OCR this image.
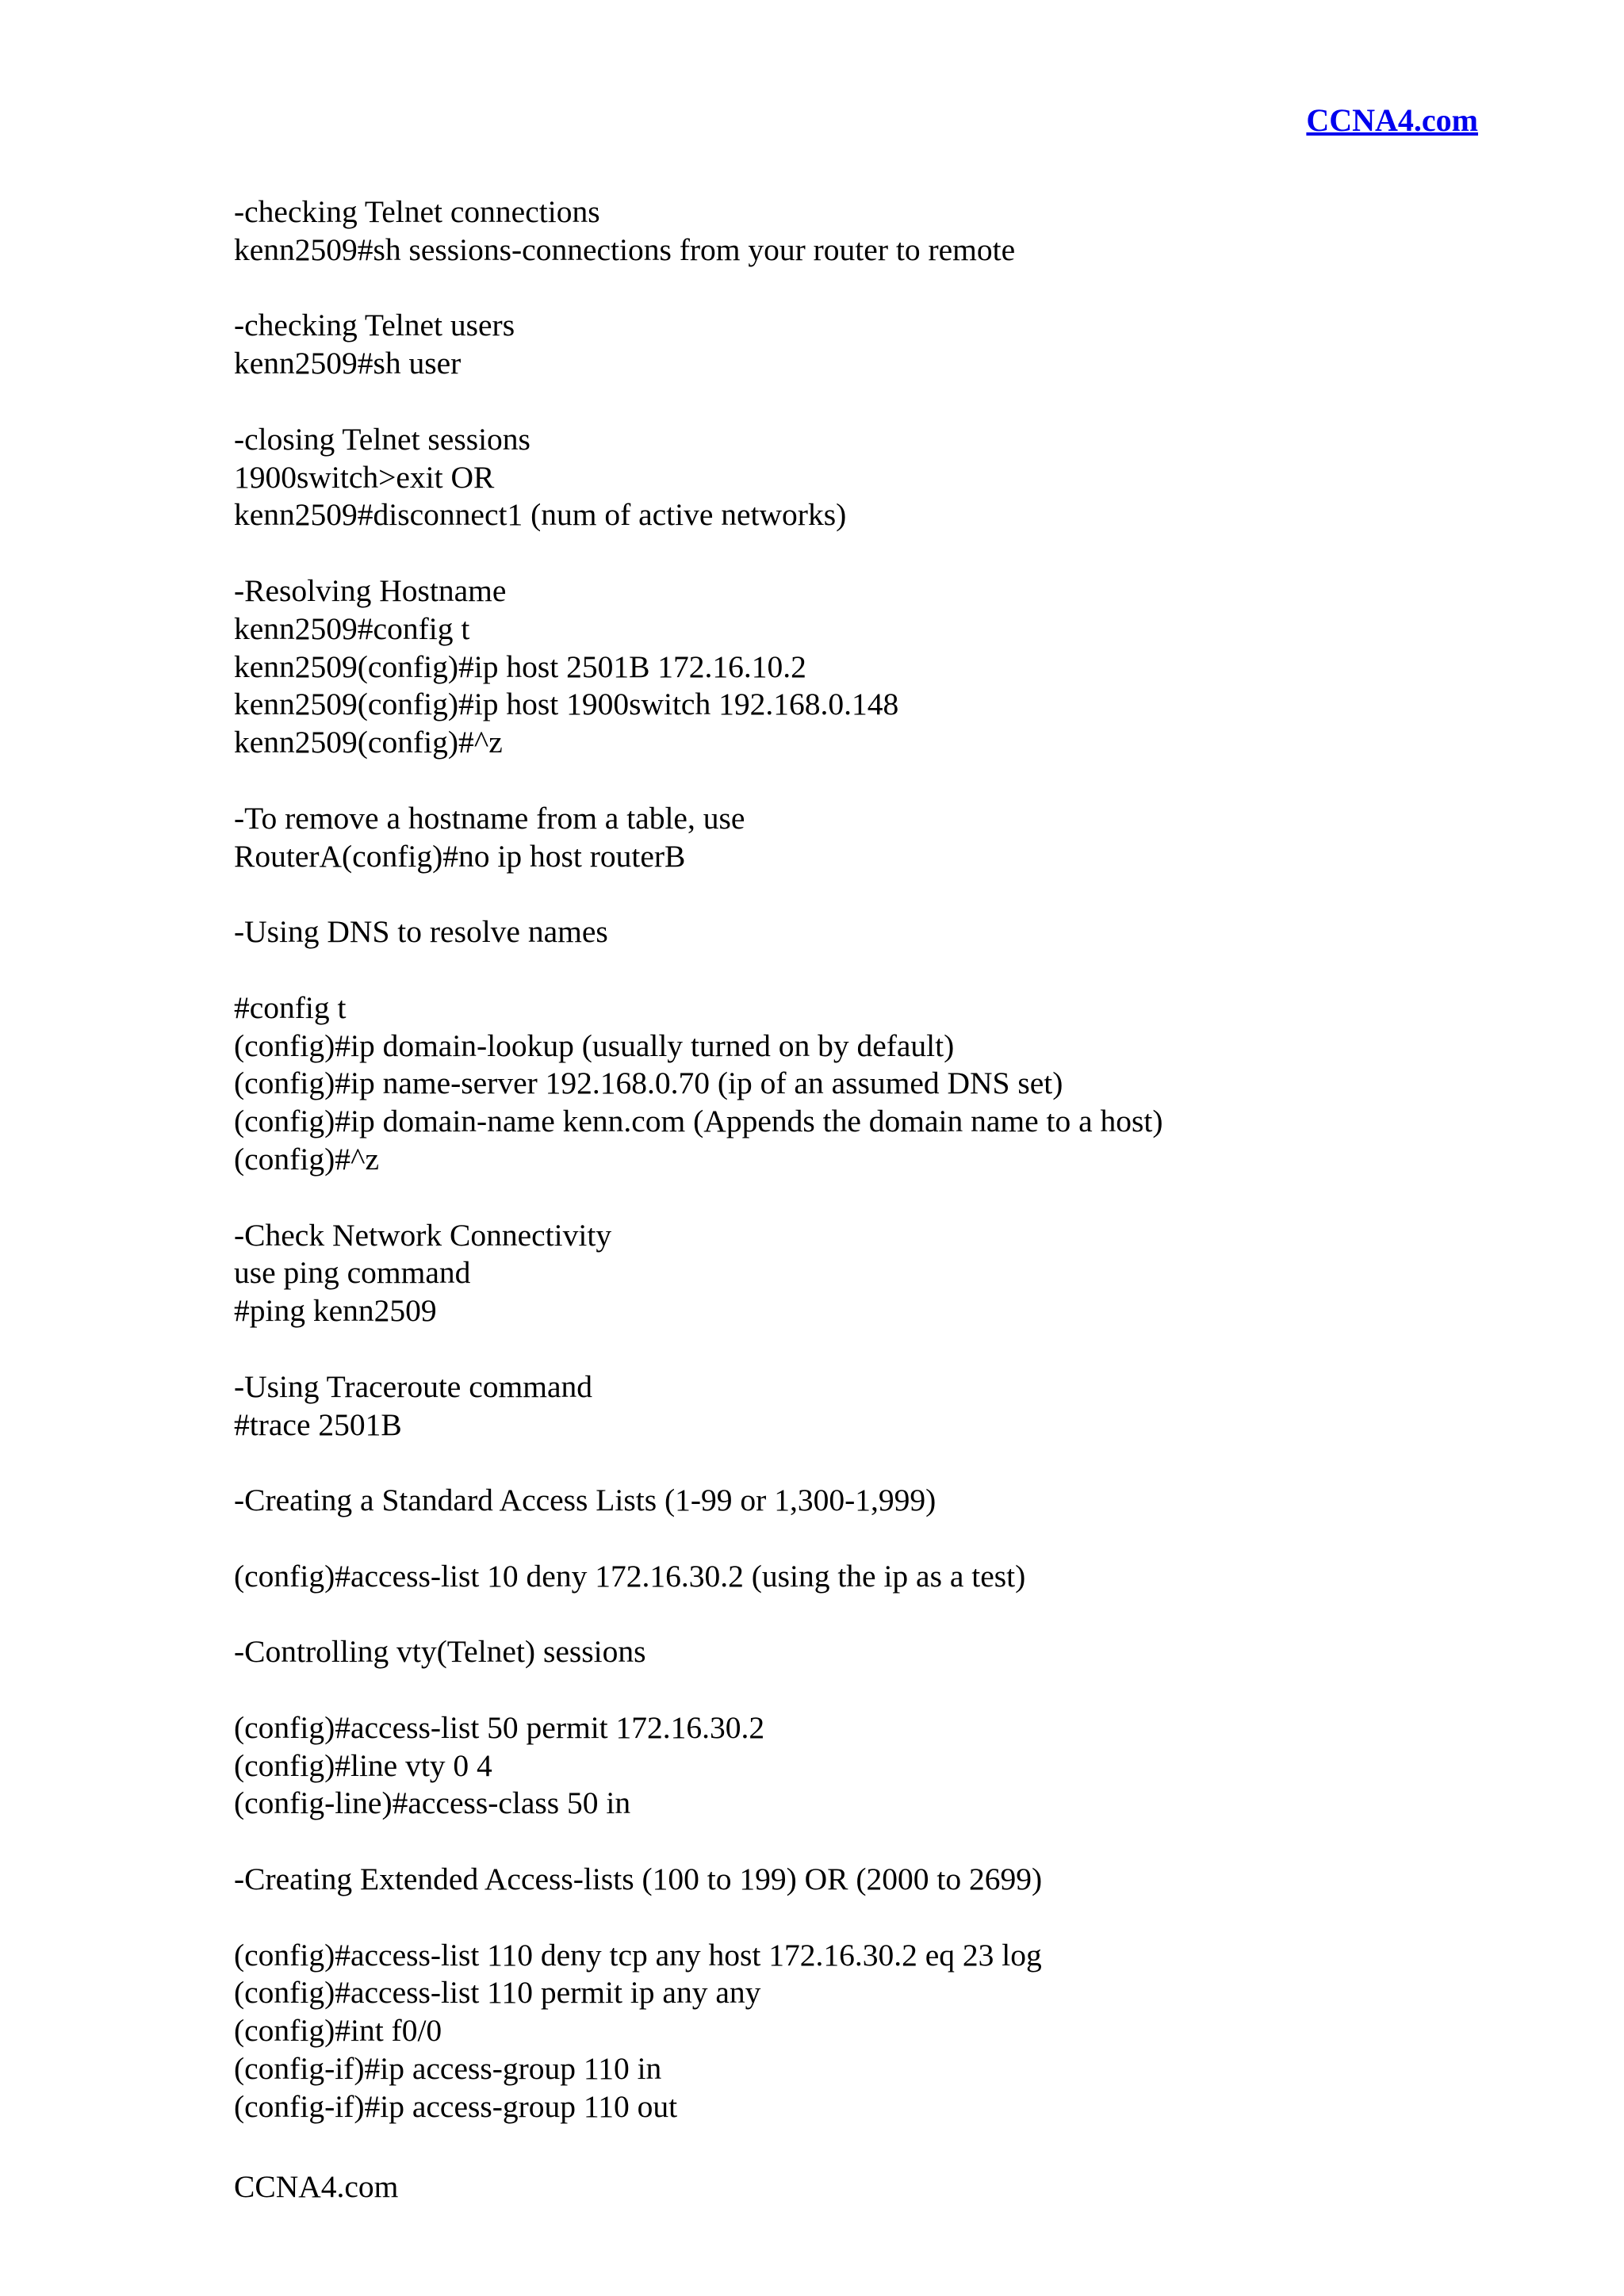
CCNA4.com
-checking Telnet connections
kenn2509#sh sessions-connections from your router to remote
-checking Telnet users
kenn2509#sh user
-closing Telnet sessions
1900switch>exit OR
kenn2509#disconnect1 (num of active networks)
-Resolving Hostname
kenn2509#config t
kenn2509(config)#ip host 2501B 172.16.10.2
kenn2509(config)#ip host 1900switch 192.168.0.148
kenn2509(config)#^z
-To remove a hostname from a table, use
RouterA(config)#no ip host routerB
-Using DNS to resolve names
#config t
(config)#ip domain-lookup (usually turned on by default)
(config)#ip name-server 192.168.0.70 (ip of an assumed DNS set)
(config)#ip domain-name kenn.com (Appends the domain name to a host)
(config)#^z
-Check Network Connectivity
use ping command
#ping kenn2509
-Using Traceroute command
#trace 2501B
-Creating a Standard Access Lists (1-99 or 1,300-1,999)
(config)#access-list 10 deny 172.16.30.2 (using the ip as a test)
-Controlling vty(Telnet) sessions
(config)#access-list 50 permit 172.16.30.2
(config)#line vty 0 4
(config-line)#access-class 50 in
-Creating Extended Access-lists (100 to 199) OR (2000 to 2699)
(config)#access-list 110 deny tcp any host 172.16.30.2 eq 23 log
(config)#access-list 110 permit ip any any
(config)#int f0/0
(config-if)#ip access-group 110 in
(config-if)#ip access-group 110 out
CCNA4.com
